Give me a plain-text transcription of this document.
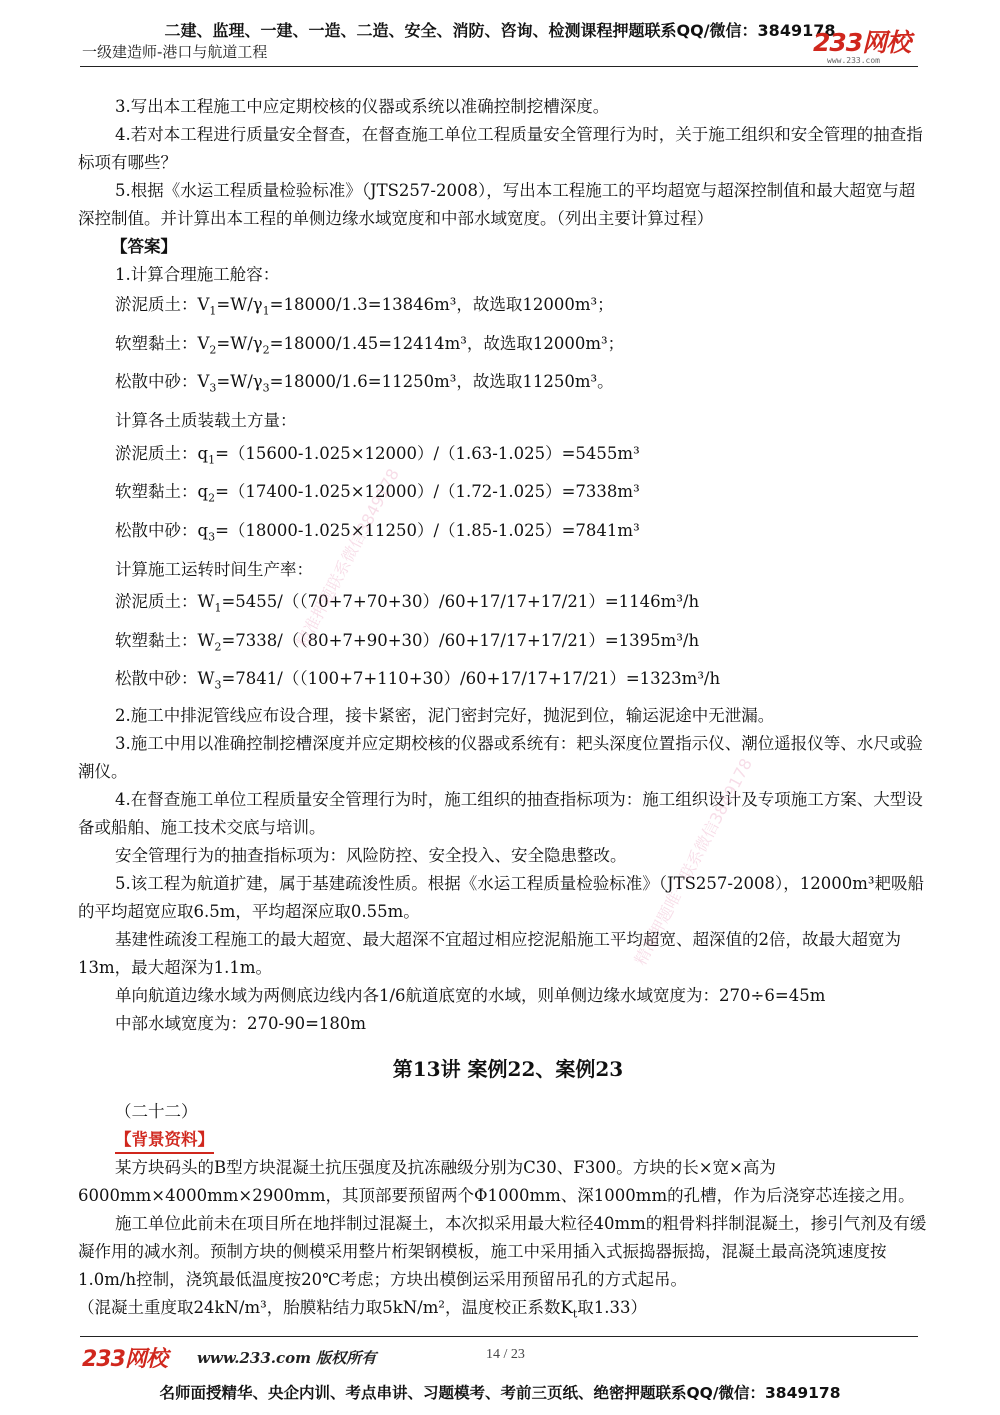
二建、监理、一建、一造、二造、安全、消防、咨询、检测课程押题联系QQ/微信：3849178
一级建造师-港口与航道工程	233网校
www.233.com

3.写出本工程施工中应定期校核的仪器或系统以准确控制挖槽深度。

4.若对本工程进行质量安全督查，在督查施工单位工程质量安全管理行为时，关于施工组织和安全管理的抽查指标项有哪些？

5.根据《水运工程质量检验标准》（JTS257-2008），写出本工程施工的平均超宽与超深控制值和最大超宽与超深控制值。并计算出本工程的单侧边缘水域宽度和中部水域宽度。（列出主要计算过程）

【答案】

1.计算合理施工舱容：

淤泥质土：$V_1=W/\gamma_1=18000/1.3=13846m^3$，故选取12000m³；

软塑黏土：$V_2=W/\gamma_2=18000/1.45=12414m^3$，故选取12000m³；

松散中砂：$V_3=W/\gamma_3=18000/1.6=11250m^3$，故选取11250m³。

计算各土质装载土方量：

淤泥质土：$q_1=(15600-1.025\times 12000)/(1.63-1.025)=5455m^3$

软塑黏土：$q_2=(17400-1.025\times 12000)/(1.72-1.025)=7338m^3$

松散中砂：$q_3=(18000-1.025\times 11250)/(1.85-1.025)=7841m^3$

计算施工运转时间生产率：

淤泥质土：$W_1=5455/((70+7+70+30)/60+17/17+17/21)=1146m^3/h$

软塑黏土：$W_2=7338/((80+7+90+30)/60+17/17+17/21)=1395m^3/h$

松散中砂：$W_3=7841/((100+7+110+30)/60+17/17+17/21)=1323m^3/h$

2.施工中排泥管线应布设合理，接卡紧密，泥门密封完好，抛泥到位，输运泥途中无泄漏。

3.施工中用以准确控制挖槽深度并应定期校核的仪器或系统有：耙头深度位置指示仪、潮位遥报仪等、水尺或验潮仪。

4.在督查施工单位工程质量安全管理行为时，施工组织的抽查指标项为：施工组织设计及专项施工方案、大型设备或船舶、施工技术交底与培训。

安全管理行为的抽查指标项为：风险防控、安全投入、安全隐患整改。

5.该工程为航道扩建，属于基建疏浚性质。根据《水运工程质量检验标准》（JTS257-2008），12000m³耙吸船的平均超宽应取6.5m，平均超深应取0.55m。

基建性疏浚工程施工的最大超宽、最大超深不宜超过相应挖泥船施工平均超宽、超深值的2倍，故最大超宽为13m，最大超深为1.1m。

单向航道边缘水域为两侧底边线内各1/6航道底宽的水域，则单侧边缘水域宽度为：270÷6=45m

中部水域宽度为：270-90=180m

第13讲 案例22、案例23

（二十二）

【背景资料】

某方块码头的B型方块混凝土抗压强度及抗冻融级分别为C30、F300。方块的长×宽×高为6000mm×4000mm×2900mm，其顶部要预留两个Φ1000mm、深1000mm的孔槽，作为后浇穿芯连接之用。

施工单位此前未在项目所在地拌制过混凝土，本次拟采用最大粒径40mm的粗骨料拌制混凝土，掺引气剂及有缓凝作用的减水剂。预制方块的侧模采用整片桁架钢模板，施工中采用插入式振捣器振捣，混凝土最高浇筑速度按1.0m/h控制，浇筑最低温度按20℃考虑；方块出模倒运采用预留吊孔的方式起吊。

（混凝土重度取24kN/m³，胎膜粘结力取5kN/m²，温度校正系数$K_t$取1.33）

精准押题联系微信3849178
精准押题唯一联系微信3849178
233网校 www.233.com 版权所有	14 / 23
名师面授精华、央企内训、考点串讲、习题模考、考前三页纸、绝密押题联系QQ/微信：3849178
